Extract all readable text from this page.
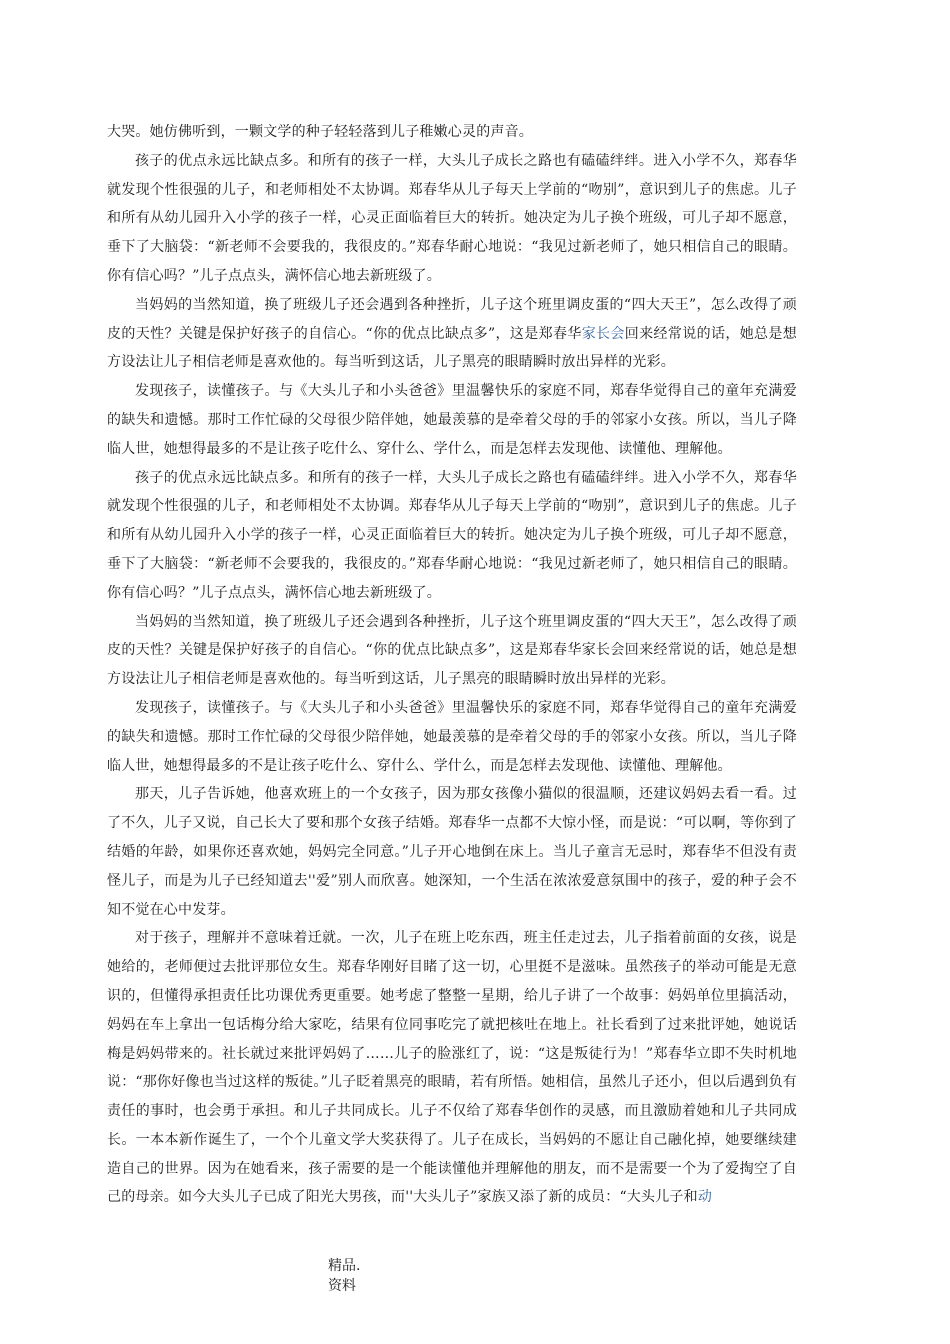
大哭。她仿佛听到，一颗文学的种子轻轻落到儿子稚嫩心灵的声音。

孩子的优点永远比缺点多。和所有的孩子一样，大头儿子成长之路也有磕磕绊绊。进入小学不久，郑春华就发现个性很强的儿子，和老师相处不太协调。郑春华从儿子每天上学前的“吻别”，意识到儿子的焦虑。儿子和所有从幼儿园升入小学的孩子一样，心灵正面临着巨大的转折。她决定为儿子换个班级，可儿子却不愿意，垂下了大脑袋：“新老师不会要我的，我很皮的。”郑春华耐心地说：“我见过新老师了，她只相信自己的眼睛。你有信心吗？”儿子点点头，满怀信心地去新班级了。

当妈妈的当然知道，换了班级儿子还会遇到各种挫折，儿子这个班里调皮蛋的“四大天王”，怎么改得了顽皮的天性？关键是保护好孩子的自信心。“你的优点比缺点多”，这是郑春华家长会回来经常说的话，她总是想方设法让儿子相信老师是喜欢他的。每当听到这话，儿子黑亮的眼睛瞬时放出异样的光彩。

发现孩子，读懂孩子。与《大头儿子和小头爸爸》里温馨快乐的家庭不同，郑春华觉得自己的童年充满爱的缺失和遗憾。那时工作忙碌的父母很少陪伴她，她最羡慕的是牵着父母的手的邻家小女孩。所以，当儿子降临人世，她想得最多的不是让孩子吃什么、穿什么、学什么，而是怎样去发现他、读懂他、理解他。

孩子的优点永远比缺点多。和所有的孩子一样，大头儿子成长之路也有磕磕绊绊。进入小学不久，郑春华就发现个性很强的儿子，和老师相处不太协调。郑春华从儿子每天上学前的“吻别”，意识到儿子的焦虑。儿子和所有从幼儿园升入小学的孩子一样，心灵正面临着巨大的转折。她决定为儿子换个班级，可儿子却不愿意，垂下了大脑袋：“新老师不会要我的，我很皮的。”郑春华耐心地说：“我见过新老师了，她只相信自己的眼睛。你有信心吗？”儿子点点头，满怀信心地去新班级了。

当妈妈的当然知道，换了班级儿子还会遇到各种挫折，儿子这个班里调皮蛋的“四大天王”，怎么改得了顽皮的天性？关键是保护好孩子的自信心。“你的优点比缺点多”，这是郑春华家长会回来经常说的话，她总是想方设法让儿子相信老师是喜欢他的。每当听到这话，儿子黑亮的眼睛瞬时放出异样的光彩。

发现孩子，读懂孩子。与《大头儿子和小头爸爸》里温馨快乐的家庭不同，郑春华觉得自己的童年充满爱的缺失和遗憾。那时工作忙碌的父母很少陪伴她，她最羡慕的是牵着父母的手的邻家小女孩。所以，当儿子降临人世，她想得最多的不是让孩子吃什么、穿什么、学什么，而是怎样去发现他、读懂他、理解他。

那天，儿子告诉她，他喜欢班上的一个女孩子，因为那女孩像小猫似的很温顺，还建议妈妈去看一看。过了不久，儿子又说，自己长大了要和那个女孩子结婚。郑春华一点都不大惊小怪，而是说：“可以啊，等你到了结婚的年龄，如果你还喜欢她，妈妈完全同意。”儿子开心地倒在床上。当儿子童言无忌时，郑春华不但没有责怪儿子，而是为儿子已经知道去''爱”别人而欣喜。她深知，一个生活在浓浓爱意氛围中的孩子，爱的种子会不知不觉在心中发芽。

对于孩子，理解并不意味着迁就。一次，儿子在班上吃东西，班主任走过去，儿子指着前面的女孩，说是她给的，老师便过去批评那位女生。郑春华刚好目睹了这一切，心里挺不是滋味。虽然孩子的举动可能是无意识的，但懂得承担责任比功课优秀更重要。她考虑了整整一星期，给儿子讲了一个故事：妈妈单位里搞活动，妈妈在车上拿出一包话梅分给大家吃，结果有位同事吃完了就把核吐在地上。社长看到了过来批评她，她说话梅是妈妈带来的。社长就过来批评妈妈了……儿子的脸涨红了，说：“这是叛徒行为！”郑春华立即不失时机地说：“那你好像也当过这样的叛徒。”儿子眨着黑亮的眼睛，若有所悟。她相信，虽然儿子还小，但以后遇到负有责任的事时，也会勇于承担。和儿子共同成长。儿子不仅给了郑春华创作的灵感，而且激励着她和儿子共同成长。一本本新作诞生了，一个个儿童文学大奖获得了。儿子在成长，当妈妈的不愿让自己融化掉，她要继续建造自己的世界。因为在她看来，孩子需要的是一个能读懂他并理解他的朋友，而不是需要一个为了爱掏空了自己的母亲。如今大头儿子已成了阳光大男孩，而''大头儿子”家族又添了新的成员：“大头儿子和动

精品.资料
